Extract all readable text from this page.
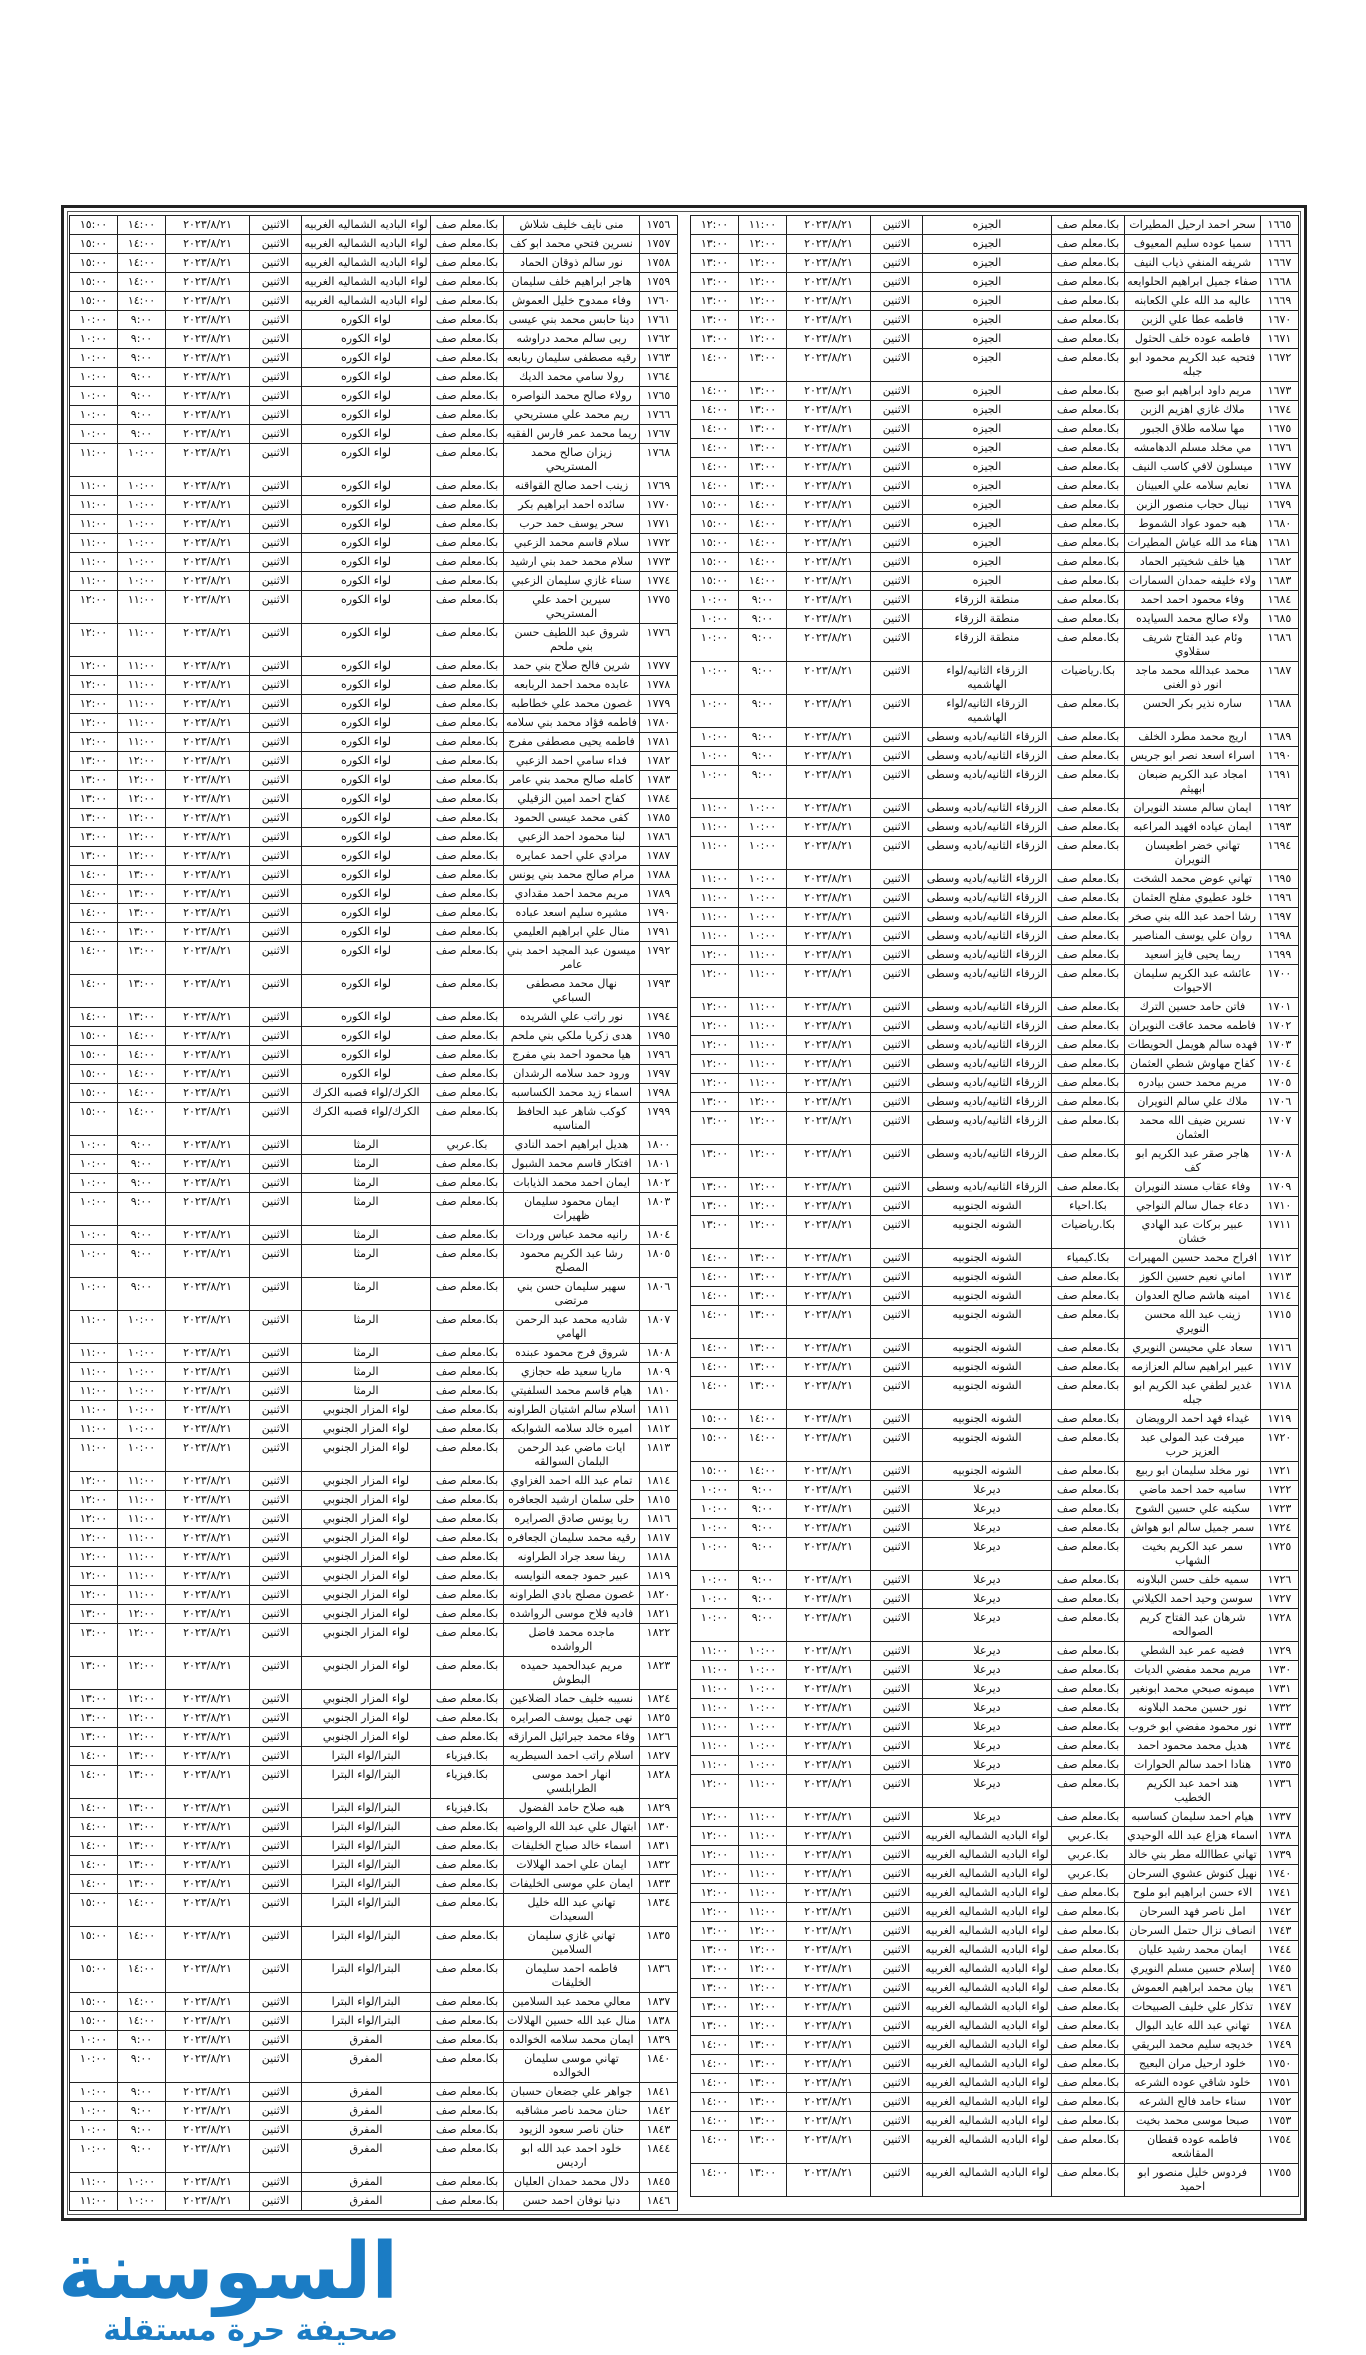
١٦٦٥	سحر احمد ارحيل المطيرات	بكا.معلم صف	الجيزه	الاثنين	٢٠٢٣/٨/٢١	١١:٠٠	١٢:٠٠
١٦٦٦	سميا عوده سليم المعيوف	بكا.معلم صف	الجيزه	الاثنين	٢٠٢٣/٨/٢١	١٢:٠٠	١٣:٠٠
١٦٦٧	شريفه المنفي ذياب النيف	بكا.معلم صف	الجيزه	الاثنين	٢٠٢٣/٨/٢١	١٢:٠٠	١٣:٠٠
١٦٦٨	صفاء جميل ابراهيم الحلوايعه	بكا.معلم صف	الجيزه	الاثنين	٢٠٢٣/٨/٢١	١٢:٠٠	١٣:٠٠
١٦٦٩	عاليه مد الله علي الكعابنه	بكا.معلم صف	الجيزه	الاثنين	٢٠٢٣/٨/٢١	١٢:٠٠	١٣:٠٠
١٦٧٠	فاطمه عطا علي الزبن	بكا.معلم صف	الجيزه	الاثنين	٢٠٢٣/٨/٢١	١٢:٠٠	١٣:٠٠
١٦٧١	فاطمه عوده خلف الحثول	بكا.معلم صف	الجيزه	الاثنين	٢٠٢٣/٨/٢١	١٢:٠٠	١٣:٠٠
١٦٧٢	فتحيه عبد الكريم محمود ابو جبله	بكا.معلم صف	الجيزه	الاثنين	٢٠٢٣/٨/٢١	١٣:٠٠	١٤:٠٠
١٦٧٣	مريم داود ابراهيم ابو صبح	بكا.معلم صف	الجيزه	الاثنين	٢٠٢٣/٨/٢١	١٣:٠٠	١٤:٠٠
١٦٧٤	ملاك غازي اهزيم الزبن	بكا.معلم صف	الجيزه	الاثنين	٢٠٢٣/٨/٢١	١٣:٠٠	١٤:٠٠
١٦٧٥	مها سلامه طلاق الجبور	بكا.معلم صف	الجيزه	الاثنين	٢٠٢٣/٨/٢١	١٣:٠٠	١٤:٠٠
١٦٧٦	مي مخلد مسلم الدهامشه	بكا.معلم صف	الجيزه	الاثنين	٢٠٢٣/٨/٢١	١٣:٠٠	١٤:٠٠
١٦٧٧	ميسلون لافي كاسب النيف	بكا.معلم صف	الجيزه	الاثنين	٢٠٢٣/٨/٢١	١٣:٠٠	١٤:٠٠
١٦٧٨	نعايم سلامه علي العبينان	بكا.معلم صف	الجيزه	الاثنين	٢٠٢٣/٨/٢١	١٣:٠٠	١٤:٠٠
١٦٧٩	نيبال حجاب منصور الزبن	بكا.معلم صف	الجيزه	الاثنين	٢٠٢٣/٨/٢١	١٤:٠٠	١٥:٠٠
١٦٨٠	هبه حمود عواد الشموط	بكا.معلم صف	الجيزه	الاثنين	٢٠٢٣/٨/٢١	١٤:٠٠	١٥:٠٠
١٦٨١	هناء مد الله عياش المطيرات	بكا.معلم صف	الجيزه	الاثنين	٢٠٢٣/٨/٢١	١٤:٠٠	١٥:٠٠
١٦٨٢	هيا خلف شخيتير الحماد	بكا.معلم صف	الجيزه	الاثنين	٢٠٢٣/٨/٢١	١٤:٠٠	١٥:٠٠
١٦٨٣	ولاء خليفه حمدان السمارات	بكا.معلم صف	الجيزه	الاثنين	٢٠٢٣/٨/٢١	١٤:٠٠	١٥:٠٠
١٦٨٤	وفاء محمود احمد احمد	بكا.معلم صف	منطقة الزرقاء	الاثنين	٢٠٢٣/٨/٢١	٩:٠٠	١٠:٠٠
١٦٨٥	ولاء صالح محمد السيايده	بكا.معلم صف	منطقة الزرقاء	الاثنين	٢٠٢٣/٨/٢١	٩:٠٠	١٠:٠٠
١٦٨٦	وئام عبد الفتاح شريف سقلاوي	بكا.معلم صف	منطقة الزرقاء	الاثنين	٢٠٢٣/٨/٢١	٩:٠٠	١٠:٠٠
١٦٨٧	محمد عبدالله محمد ماجد انور ذو الغنى	بكا.رياضيات	الزرقاء الثانيه/لواء الهاشميه	الاثنين	٢٠٢٣/٨/٢١	٩:٠٠	١٠:٠٠
١٦٨٨	ساره نذير بكر الحسن	بكا.معلم صف	الزرقاء الثانيه/لواء الهاشميه	الاثنين	٢٠٢٣/٨/٢١	٩:٠٠	١٠:٠٠
١٦٨٩	اريج محمد مطرد الخلف	بكا.معلم صف	الزرقاء الثانيه/باديه وسطى	الاثنين	٢٠٢٣/٨/٢١	٩:٠٠	١٠:٠٠
١٦٩٠	اسراء اسعد نصر ابو جريس	بكا.معلم صف	الزرقاء الثانيه/باديه وسطى	الاثنين	٢٠٢٣/٨/٢١	٩:٠٠	١٠:٠٠
١٦٩١	امجاد عبد الكريم ضبعان ابهيثم	بكا.معلم صف	الزرقاء الثانيه/باديه وسطى	الاثنين	٢٠٢٣/٨/٢١	٩:٠٠	١٠:٠٠
١٦٩٢	ايمان سالم مسند النويران	بكا.معلم صف	الزرقاء الثانيه/باديه وسطى	الاثنين	٢٠٢٣/٨/٢١	١٠:٠٠	١١:٠٠
١٦٩٣	ايمان عياده افهيد المراعبه	بكا.معلم صف	الزرقاء الثانيه/باديه وسطى	الاثنين	٢٠٢٣/٨/٢١	١٠:٠٠	١١:٠٠
١٦٩٤	تهاني خضر اطعيسان النويران	بكا.معلم صف	الزرقاء الثانيه/باديه وسطى	الاثنين	٢٠٢٣/٨/٢١	١٠:٠٠	١١:٠٠
١٦٩٥	تهاني عوض محمد الشخت	بكا.معلم صف	الزرقاء الثانيه/باديه وسطى	الاثنين	٢٠٢٣/٨/٢١	١٠:٠٠	١١:٠٠
١٦٩٦	خلود عطيوي مفلح العثمان	بكا.معلم صف	الزرقاء الثانيه/باديه وسطى	الاثنين	٢٠٢٣/٨/٢١	١٠:٠٠	١١:٠٠
١٦٩٧	رشا احمد عبد الله بني صخر	بكا.معلم صف	الزرقاء الثانيه/باديه وسطى	الاثنين	٢٠٢٣/٨/٢١	١٠:٠٠	١١:٠٠
١٦٩٨	روان علي يوسف المناصير	بكا.معلم صف	الزرقاء الثانيه/باديه وسطى	الاثنين	٢٠٢٣/٨/٢١	١٠:٠٠	١١:٠٠
١٦٩٩	ريما يحيى فايز اسعيد	بكا.معلم صف	الزرقاء الثانيه/باديه وسطى	الاثنين	٢٠٢٣/٨/٢١	١١:٠٠	١٢:٠٠
١٧٠٠	عائشه عبد الكريم سليمان الاحيوات	بكا.معلم صف	الزرقاء الثانيه/باديه وسطى	الاثنين	٢٠٢٣/٨/٢١	١١:٠٠	١٢:٠٠
١٧٠١	فاتن حامد حسين الترك	بكا.معلم صف	الزرقاء الثانيه/باديه وسطى	الاثنين	٢٠٢٣/٨/٢١	١١:٠٠	١٢:٠٠
١٧٠٢	فاطمه محمد عاقت النويران	بكا.معلم صف	الزرقاء الثانيه/باديه وسطى	الاثنين	٢٠٢٣/٨/٢١	١١:٠٠	١٢:٠٠
١٧٠٣	فهده سالم هويمل الحويطات	بكا.معلم صف	الزرقاء الثانيه/باديه وسطى	الاثنين	٢٠٢٣/٨/٢١	١١:٠٠	١٢:٠٠
١٧٠٤	كفاح مهاوش شطي العثمان	بكا.معلم صف	الزرقاء الثانيه/باديه وسطى	الاثنين	٢٠٢٣/٨/٢١	١١:٠٠	١٢:٠٠
١٧٠٥	مريم محمد حسن بيادره	بكا.معلم صف	الزرقاء الثانيه/باديه وسطى	الاثنين	٢٠٢٣/٨/٢١	١١:٠٠	١٢:٠٠
١٧٠٦	ملاك علي سالم النويران	بكا.معلم صف	الزرقاء الثانيه/باديه وسطى	الاثنين	٢٠٢٣/٨/٢١	١٢:٠٠	١٣:٠٠
١٧٠٧	نسرين ضيف الله محمد العثمان	بكا.معلم صف	الزرقاء الثانيه/باديه وسطى	الاثنين	٢٠٢٣/٨/٢١	١٢:٠٠	١٣:٠٠
١٧٠٨	هاجر صقر عبد الكريم ابو كف	بكا.معلم صف	الزرقاء الثانيه/باديه وسطى	الاثنين	٢٠٢٣/٨/٢١	١٢:٠٠	١٣:٠٠
١٧٠٩	وفاء عقاب مسند النويران	بكا.معلم صف	الزرقاء الثانيه/باديه وسطى	الاثنين	٢٠٢٣/٨/٢١	١٢:٠٠	١٣:٠٠
١٧١٠	دعاء جمال سالم النواجي	بكا.احياء	الشونه الجنوبيه	الاثنين	٢٠٢٣/٨/٢١	١٢:٠٠	١٣:٠٠
١٧١١	عبير بركات عبد الهادي خشان	بكا.رياضيات	الشونه الجنوبيه	الاثنين	٢٠٢٣/٨/٢١	١٢:٠٠	١٣:٠٠
١٧١٢	افراح محمد حسين المهيرات	بكا.كيمياء	الشونه الجنوبيه	الاثنين	٢٠٢٣/٨/٢١	١٣:٠٠	١٤:٠٠
١٧١٣	اماني نعيم حسين الكوز	بكا.معلم صف	الشونه الجنوبيه	الاثنين	٢٠٢٣/٨/٢١	١٣:٠٠	١٤:٠٠
١٧١٤	امينه هاشم صالح العدوان	بكا.معلم صف	الشونه الجنوبيه	الاثنين	٢٠٢٣/٨/٢١	١٣:٠٠	١٤:٠٠
١٧١٥	زينب عبد الله محسن النويري	بكا.معلم صف	الشونه الجنوبيه	الاثنين	٢٠٢٣/٨/٢١	١٣:٠٠	١٤:٠٠
١٧١٦	سعاد علي محيسن النويري	بكا.معلم صف	الشونه الجنوبيه	الاثنين	٢٠٢٣/٨/٢١	١٣:٠٠	١٤:٠٠
١٧١٧	عبير ابراهيم سالم العزازمه	بكا.معلم صف	الشونه الجنوبيه	الاثنين	٢٠٢٣/٨/٢١	١٣:٠٠	١٤:٠٠
١٧١٨	غدير لطفي عبد الكريم ابو جبله	بكا.معلم صف	الشونه الجنوبيه	الاثنين	٢٠٢٣/٨/٢١	١٣:٠٠	١٤:٠٠
١٧١٩	غيداء فهد احمد الرويضان	بكا.معلم صف	الشونه الجنوبيه	الاثنين	٢٠٢٣/٨/٢١	١٤:٠٠	١٥:٠٠
١٧٢٠	ميرفت عبد المولى عبد العزيز حرب	بكا.معلم صف	الشونه الجنوبيه	الاثنين	٢٠٢٣/٨/٢١	١٤:٠٠	١٥:٠٠
١٧٢١	نور مخلد سليمان ابو ربيع	بكا.معلم صف	الشونه الجنوبيه	الاثنين	٢٠٢٣/٨/٢١	١٤:٠٠	١٥:٠٠
١٧٢٢	ساميه حمد احمد ماضي	بكا.معلم صف	ديرعلا	الاثنين	٢٠٢٣/٨/٢١	٩:٠٠	١٠:٠٠
١٧٢٣	سكينه علي حسين الشوح	بكا.معلم صف	ديرعلا	الاثنين	٢٠٢٣/٨/٢١	٩:٠٠	١٠:٠٠
١٧٢٤	سمر جميل سالم ابو هواش	بكا.معلم صف	ديرعلا	الاثنين	٢٠٢٣/٨/٢١	٩:٠٠	١٠:٠٠
١٧٢٥	سمر عبد الكريم بخيت الشهاب	بكا.معلم صف	ديرعلا	الاثنين	٢٠٢٣/٨/٢١	٩:٠٠	١٠:٠٠
١٧٢٦	سميه خلف حسن البلاونه	بكا.معلم صف	ديرعلا	الاثنين	٢٠٢٣/٨/٢١	٩:٠٠	١٠:٠٠
١٧٢٧	سوسن وحيد احمد الكيلاني	بكا.معلم صف	ديرعلا	الاثنين	٢٠٢٣/٨/٢١	٩:٠٠	١٠:٠٠
١٧٢٨	شرهان عبد الفتاح كريم الصوالحه	بكا.معلم صف	ديرعلا	الاثنين	٢٠٢٣/٨/٢١	٩:٠٠	١٠:٠٠
١٧٢٩	فضيه عمر عبد الشطي	بكا.معلم صف	ديرعلا	الاثنين	٢٠٢٣/٨/٢١	١٠:٠٠	١١:٠٠
١٧٣٠	مريم محمد مفضي الديات	بكا.معلم صف	ديرعلا	الاثنين	٢٠٢٣/٨/٢١	١٠:٠٠	١١:٠٠
١٧٣١	ميمونه صبحي محمد ابونغير	بكا.معلم صف	ديرعلا	الاثنين	٢٠٢٣/٨/٢١	١٠:٠٠	١١:٠٠
١٧٣٢	نور حسين محمد البلاونه	بكا.معلم صف	ديرعلا	الاثنين	٢٠٢٣/٨/٢١	١٠:٠٠	١١:٠٠
١٧٣٣	نور محمود مفضي ابو خروب	بكا.معلم صف	ديرعلا	الاثنين	٢٠٢٣/٨/٢١	١٠:٠٠	١١:٠٠
١٧٣٤	هديل محمد محمود احمد	بكا.معلم صف	ديرعلا	الاثنين	٢٠٢٣/٨/٢١	١٠:٠٠	١١:٠٠
١٧٣٥	هنادا احمد سالم الحوارات	بكا.معلم صف	ديرعلا	الاثنين	٢٠٢٣/٨/٢١	١٠:٠٠	١١:٠٠
١٧٣٦	هند احمد عبد الكريم الخطيب	بكا.معلم صف	ديرعلا	الاثنين	٢٠٢٣/٨/٢١	١١:٠٠	١٢:٠٠
١٧٣٧	هيام احمد سليمان كساسبه	بكا.معلم صف	ديرعلا	الاثنين	٢٠٢٣/٨/٢١	١١:٠٠	١٢:٠٠
١٧٣٨	اسماء هزاع عبد الله الوحيدي	بكا.عربي	لواء الباديه الشماليه الغربيه	الاثنين	٢٠٢٣/٨/٢١	١١:٠٠	١٢:٠٠
١٧٣٩	تهاني عطاالله مطر بني خالد	بكا.عربي	لواء الباديه الشماليه الغربيه	الاثنين	٢٠٢٣/٨/٢١	١١:٠٠	١٢:٠٠
١٧٤٠	نهيل كنوش عشوي السرحان	بكا.عربي	لواء الباديه الشماليه الغربيه	الاثنين	٢٠٢٣/٨/٢١	١١:٠٠	١٢:٠٠
١٧٤١	الاء حسن ابراهيم ابو ملوح	بكا.معلم صف	لواء الباديه الشماليه الغربيه	الاثنين	٢٠٢٣/٨/٢١	١١:٠٠	١٢:٠٠
١٧٤٢	امل ناصر فهد السرحان	بكا.معلم صف	لواء الباديه الشماليه الغربيه	الاثنين	٢٠٢٣/٨/٢١	١١:٠٠	١٢:٠٠
١٧٤٣	انصاف نزال حتمل السرحان	بكا.معلم صف	لواء الباديه الشماليه الغربيه	الاثنين	٢٠٢٣/٨/٢١	١٢:٠٠	١٣:٠٠
١٧٤٤	ايمان محمد رشيد عليان	بكا.معلم صف	لواء الباديه الشماليه الغربيه	الاثنين	٢٠٢٣/٨/٢١	١٢:٠٠	١٣:٠٠
١٧٤٥	إسلام حسين مسلم النويري	بكا.معلم صف	لواء الباديه الشماليه الغربيه	الاثنين	٢٠٢٣/٨/٢١	١٢:٠٠	١٣:٠٠
١٧٤٦	بيان محمد ابراهيم العموش	بكا.معلم صف	لواء الباديه الشماليه الغربيه	الاثنين	٢٠٢٣/٨/٢١	١٢:٠٠	١٣:٠٠
١٧٤٧	تذكار علي خليف الصبيحات	بكا.معلم صف	لواء الباديه الشماليه الغربيه	الاثنين	٢٠٢٣/٨/٢١	١٢:٠٠	١٣:٠٠
١٧٤٨	تهاني عبد الله عايد البوال	بكا.معلم صف	لواء الباديه الشماليه الغربيه	الاثنين	٢٠٢٣/٨/٢١	١٢:٠٠	١٣:٠٠
١٧٤٩	خديجه سليم محمد البريقي	بكا.معلم صف	لواء الباديه الشماليه الغربيه	الاثنين	٢٠٢٣/٨/٢١	١٣:٠٠	١٤:٠٠
١٧٥٠	خلود ارحيل مران البعيج	بكا.معلم صف	لواء الباديه الشماليه الغربيه	الاثنين	٢٠٢٣/٨/٢١	١٣:٠٠	١٤:٠٠
١٧٥١	خلود شاقي عوده الشرعه	بكا.معلم صف	لواء الباديه الشماليه الغربيه	الاثنين	٢٠٢٣/٨/٢١	١٣:٠٠	١٤:٠٠
١٧٥٢	سناء حامد فالح الشرعه	بكا.معلم صف	لواء الباديه الشماليه الغربيه	الاثنين	٢٠٢٣/٨/٢١	١٣:٠٠	١٤:٠٠
١٧٥٣	صبحا موسى محمد بخيت	بكا.معلم صف	لواء الباديه الشماليه الغربيه	الاثنين	٢٠٢٣/٨/٢١	١٣:٠٠	١٤:٠٠
١٧٥٤	فاطمه عوده قفطان المقاشعه	بكا.معلم صف	لواء الباديه الشماليه الغربيه	الاثنين	٢٠٢٣/٨/٢١	١٣:٠٠	١٤:٠٠
١٧٥٥	فردوس خليل منصور ابو احميد	بكا.معلم صف	لواء الباديه الشماليه الغربيه	الاثنين	٢٠٢٣/٨/٢١	١٣:٠٠	١٤:٠٠
١٧٥٦	منى نايف خليف شلاش	بكا.معلم صف	لواء الباديه الشماليه الغربيه	الاثنين	٢٠٢٣/٨/٢١	١٤:٠٠	١٥:٠٠
١٧٥٧	نسرين فتحي محمد ابو كف	بكا.معلم صف	لواء الباديه الشماليه الغربيه	الاثنين	٢٠٢٣/٨/٢١	١٤:٠٠	١٥:٠٠
١٧٥٨	نور سالم ذوقان الحماد	بكا.معلم صف	لواء الباديه الشماليه الغربيه	الاثنين	٢٠٢٣/٨/٢١	١٤:٠٠	١٥:٠٠
١٧٥٩	هاجر ابراهيم خلف سليمان	بكا.معلم صف	لواء الباديه الشماليه الغربيه	الاثنين	٢٠٢٣/٨/٢١	١٤:٠٠	١٥:٠٠
١٧٦٠	وفاء ممدوح خليل العموش	بكا.معلم صف	لواء الباديه الشماليه الغربيه	الاثنين	٢٠٢٣/٨/٢١	١٤:٠٠	١٥:٠٠
١٧٦١	دينا حابس محمد بني عيسى	بكا.معلم صف	لواء الكوره	الاثنين	٢٠٢٣/٨/٢١	٩:٠٠	١٠:٠٠
١٧٦٢	ربى سالم محمد دراوشه	بكا.معلم صف	لواء الكوره	الاثنين	٢٠٢٣/٨/٢١	٩:٠٠	١٠:٠٠
١٧٦٣	رقيه مصطفى سليمان ربابعه	بكا.معلم صف	لواء الكوره	الاثنين	٢٠٢٣/٨/٢١	٩:٠٠	١٠:٠٠
١٧٦٤	رولا سامي محمد الديك	بكا.معلم صف	لواء الكوره	الاثنين	٢٠٢٣/٨/٢١	٩:٠٠	١٠:٠٠
١٧٦٥	رولاء صالح محمد النواصره	بكا.معلم صف	لواء الكوره	الاثنين	٢٠٢٣/٨/٢١	٩:٠٠	١٠:٠٠
١٧٦٦	ريم محمد علي مستريحي	بكا.معلم صف	لواء الكوره	الاثنين	٢٠٢٣/٨/٢١	٩:٠٠	١٠:٠٠
١٧٦٧	ريما محمد عمر فارس الفقيه	بكا.معلم صف	لواء الكوره	الاثنين	٢٠٢٣/٨/٢١	٩:٠٠	١٠:٠٠
١٧٦٨	زيزان صالح محمد المستريحي	بكا.معلم صف	لواء الكوره	الاثنين	٢٠٢٣/٨/٢١	١٠:٠٠	١١:٠٠
١٧٦٩	زينب احمد صالح القواقنه	بكا.معلم صف	لواء الكوره	الاثنين	٢٠٢٣/٨/٢١	١٠:٠٠	١١:٠٠
١٧٧٠	سائده احمد ابراهيم بكر	بكا.معلم صف	لواء الكوره	الاثنين	٢٠٢٣/٨/٢١	١٠:٠٠	١١:٠٠
١٧٧١	سحر يوسف حمد حرب	بكا.معلم صف	لواء الكوره	الاثنين	٢٠٢٣/٨/٢١	١٠:٠٠	١١:٠٠
١٧٧٢	سلام قاسم محمد الزعبي	بكا.معلم صف	لواء الكوره	الاثنين	٢٠٢٣/٨/٢١	١٠:٠٠	١١:٠٠
١٧٧٣	سلام محمد حمد بني ارشيد	بكا.معلم صف	لواء الكوره	الاثنين	٢٠٢٣/٨/٢١	١٠:٠٠	١١:٠٠
١٧٧٤	سناء غازي سليمان الزعبي	بكا.معلم صف	لواء الكوره	الاثنين	٢٠٢٣/٨/٢١	١٠:٠٠	١١:٠٠
١٧٧٥	سيرين احمد علي المستريحي	بكا.معلم صف	لواء الكوره	الاثنين	٢٠٢٣/٨/٢١	١١:٠٠	١٢:٠٠
١٧٧٦	شروق عبد اللطيف حسن بني ملحم	بكا.معلم صف	لواء الكوره	الاثنين	٢٠٢٣/٨/٢١	١١:٠٠	١٢:٠٠
١٧٧٧	شرين فالح صلاح بني حمد	بكا.معلم صف	لواء الكوره	الاثنين	٢٠٢٣/٨/٢١	١١:٠٠	١٢:٠٠
١٧٧٨	عابده محمد احمد الربابعه	بكا.معلم صف	لواء الكوره	الاثنين	٢٠٢٣/٨/٢١	١١:٠٠	١٢:٠٠
١٧٧٩	غصون محمد علي خطاطبه	بكا.معلم صف	لواء الكوره	الاثنين	٢٠٢٣/٨/٢١	١١:٠٠	١٢:٠٠
١٧٨٠	فاطمه فؤاد محمد بني سلامه	بكا.معلم صف	لواء الكوره	الاثنين	٢٠٢٣/٨/٢١	١١:٠٠	١٢:٠٠
١٧٨١	فاطمه يحيى مصطفى مفرج	بكا.معلم صف	لواء الكوره	الاثنين	٢٠٢٣/٨/٢١	١١:٠٠	١٢:٠٠
١٧٨٢	فداء سامي احمد الزعبي	بكا.معلم صف	لواء الكوره	الاثنين	٢٠٢٣/٨/٢١	١٢:٠٠	١٣:٠٠
١٧٨٣	كامله صالح محمد بني عامر	بكا.معلم صف	لواء الكوره	الاثنين	٢٠٢٣/٨/٢١	١٢:٠٠	١٣:٠٠
١٧٨٤	كفاح احمد امين الزقيلي	بكا.معلم صف	لواء الكوره	الاثنين	٢٠٢٣/٨/٢١	١٢:٠٠	١٣:٠٠
١٧٨٥	كفى محمد عيسى الحمود	بكا.معلم صف	لواء الكوره	الاثنين	٢٠٢٣/٨/٢١	١٢:٠٠	١٣:٠٠
١٧٨٦	لبنا محمود احمد الزعبي	بكا.معلم صف	لواء الكوره	الاثنين	٢٠٢٣/٨/٢١	١٢:٠٠	١٣:٠٠
١٧٨٧	مرادي علي احمد عمايره	بكا.معلم صف	لواء الكوره	الاثنين	٢٠٢٣/٨/٢١	١٢:٠٠	١٣:٠٠
١٧٨٨	مرام صالح محمد بني يونس	بكا.معلم صف	لواء الكوره	الاثنين	٢٠٢٣/٨/٢١	١٣:٠٠	١٤:٠٠
١٧٨٩	مريم محمد احمد مقدادي	بكا.معلم صف	لواء الكوره	الاثنين	٢٠٢٣/٨/٢١	١٣:٠٠	١٤:٠٠
١٧٩٠	مشيره سليم اسعد عباده	بكا.معلم صف	لواء الكوره	الاثنين	٢٠٢٣/٨/٢١	١٣:٠٠	١٤:٠٠
١٧٩١	منال علي ابراهيم العليمي	بكا.معلم صف	لواء الكوره	الاثنين	٢٠٢٣/٨/٢١	١٣:٠٠	١٤:٠٠
١٧٩٢	ميسون عبد المجيد احمد بني عامر	بكا.معلم صف	لواء الكوره	الاثنين	٢٠٢٣/٨/٢١	١٣:٠٠	١٤:٠٠
١٧٩٣	نهال محمد مصطفى السباعي	بكا.معلم صف	لواء الكوره	الاثنين	٢٠٢٣/٨/٢١	١٣:٠٠	١٤:٠٠
١٧٩٤	نور راتب علي الشريده	بكا.معلم صف	لواء الكوره	الاثنين	٢٠٢٣/٨/٢١	١٣:٠٠	١٤:٠٠
١٧٩٥	هدى زكريا ملكي بني ملحم	بكا.معلم صف	لواء الكوره	الاثنين	٢٠٢٣/٨/٢١	١٤:٠٠	١٥:٠٠
١٧٩٦	هيا محمود احمد بني مفرج	بكا.معلم صف	لواء الكوره	الاثنين	٢٠٢٣/٨/٢١	١٤:٠٠	١٥:٠٠
١٧٩٧	ورود حمد سلامه الرشدان	بكا.معلم صف	لواء الكوره	الاثنين	٢٠٢٣/٨/٢١	١٤:٠٠	١٥:٠٠
١٧٩٨	اسماء زيد محمد الكساسبه	بكا.معلم صف	الكرك/لواء قصبه الكرك	الاثنين	٢٠٢٣/٨/٢١	١٤:٠٠	١٥:٠٠
١٧٩٩	كوكب شاهر عبد الحافظ المناسيه	بكا.معلم صف	الكرك/لواء قصبه الكرك	الاثنين	٢٠٢٣/٨/٢١	١٤:٠٠	١٥:٠٠
١٨٠٠	هديل ابراهيم احمد النادي	بكا.عربي	الرمثا	الاثنين	٢٠٢٣/٨/٢١	٩:٠٠	١٠:٠٠
١٨٠١	افتكار قاسم محمد الشبول	بكا.معلم صف	الرمثا	الاثنين	٢٠٢٣/٨/٢١	٩:٠٠	١٠:٠٠
١٨٠٢	ايمان احمد محمد الذيابات	بكا.معلم صف	الرمثا	الاثنين	٢٠٢٣/٨/٢١	٩:٠٠	١٠:٠٠
١٨٠٣	ايمان محمود سليمان ظهيرات	بكا.معلم صف	الرمثا	الاثنين	٢٠٢٣/٨/٢١	٩:٠٠	١٠:٠٠
١٨٠٤	رانيه محمد عباس وردات	بكا.معلم صف	الرمثا	الاثنين	٢٠٢٣/٨/٢١	٩:٠٠	١٠:٠٠
١٨٠٥	رشا عبد الكريم محمود المصلح	بكا.معلم صف	الرمثا	الاثنين	٢٠٢٣/٨/٢١	٩:٠٠	١٠:٠٠
١٨٠٦	سهير سليمان حسن بني مرتضى	بكا.معلم صف	الرمثا	الاثنين	٢٠٢٣/٨/٢١	٩:٠٠	١٠:٠٠
١٨٠٧	شاديه محمد عبد الرحمن الهامي	بكا.معلم صف	الرمثا	الاثنين	٢٠٢٣/٨/٢١	١٠:٠٠	١١:٠٠
١٨٠٨	شروق فرج محمود عبنده	بكا.معلم صف	الرمثا	الاثنين	٢٠٢٣/٨/٢١	١٠:٠٠	١١:٠٠
١٨٠٩	ماريا سعيد طه حجازي	بكا.معلم صف	الرمثا	الاثنين	٢٠٢٣/٨/٢١	١٠:٠٠	١١:٠٠
١٨١٠	هيام قاسم محمد السلفيتي	بكا.معلم صف	الرمثا	الاثنين	٢٠٢٣/٨/٢١	١٠:٠٠	١١:٠٠
١٨١١	اسلام سالم اشتيان الطراونه	بكا.معلم صف	لواء المزار الجنوبي	الاثنين	٢٠٢٣/٨/٢١	١٠:٠٠	١١:٠٠
١٨١٢	اميره خالد سلامه الشوابكه	بكا.معلم صف	لواء المزار الجنوبي	الاثنين	٢٠٢٣/٨/٢١	١٠:٠٠	١١:٠٠
١٨١٣	ايات ماضي عبد الرحمن البلمان السوالقه	بكا.معلم صف	لواء المزار الجنوبي	الاثنين	٢٠٢٣/٨/٢١	١٠:٠٠	١١:٠٠
١٨١٤	تمام عبد الله احمد الغزاوي	بكا.معلم صف	لواء المزار الجنوبي	الاثنين	٢٠٢٣/٨/٢١	١١:٠٠	١٢:٠٠
١٨١٥	حلى سلمان ارشيد الجعافره	بكا.معلم صف	لواء المزار الجنوبي	الاثنين	٢٠٢٣/٨/٢١	١١:٠٠	١٢:٠٠
١٨١٦	ربا يونس صادق الصرايره	بكا.معلم صف	لواء المزار الجنوبي	الاثنين	٢٠٢٣/٨/٢١	١١:٠٠	١٢:٠٠
١٨١٧	رقيه محمد سليمان الجعافره	بكا.معلم صف	لواء المزار الجنوبي	الاثنين	٢٠٢٣/٨/٢١	١١:٠٠	١٢:٠٠
١٨١٨	ريفا سعد جراد الطراونه	بكا.معلم صف	لواء المزار الجنوبي	الاثنين	٢٠٢٣/٨/٢١	١١:٠٠	١٢:٠٠
١٨١٩	عبير حمود جمعه النوايسه	بكا.معلم صف	لواء المزار الجنوبي	الاثنين	٢٠٢٣/٨/٢١	١١:٠٠	١٢:٠٠
١٨٢٠	غصون مصلح بادي الطراونه	بكا.معلم صف	لواء المزار الجنوبي	الاثنين	٢٠٢٣/٨/٢١	١١:٠٠	١٢:٠٠
١٨٢١	فاديه فلاح موسى الرواشده	بكا.معلم صف	لواء المزار الجنوبي	الاثنين	٢٠٢٣/٨/٢١	١٢:٠٠	١٣:٠٠
١٨٢٢	ماجده محمد فاضل الرواشده	بكا.معلم صف	لواء المزار الجنوبي	الاثنين	٢٠٢٣/٨/٢١	١٢:٠٠	١٣:٠٠
١٨٢٣	مريم عبدالحميد حميده البطوش	بكا.معلم صف	لواء المزار الجنوبي	الاثنين	٢٠٢٣/٨/٢١	١٢:٠٠	١٣:٠٠
١٨٢٤	نسيبه خليف حماد الضلاعين	بكا.معلم صف	لواء المزار الجنوبي	الاثنين	٢٠٢٣/٨/٢١	١٢:٠٠	١٣:٠٠
١٨٢٥	نهى جميل يوسف الصرايره	بكا.معلم صف	لواء المزار الجنوبي	الاثنين	٢٠٢٣/٨/٢١	١٢:٠٠	١٣:٠٠
١٨٢٦	وفاء محمد جبرائيل المرازقه	بكا.معلم صف	لواء المزار الجنوبي	الاثنين	٢٠٢٣/٨/٢١	١٢:٠٠	١٣:٠٠
١٨٢٧	اسلام راتب احمد السيطريه	بكا.فيزياء	البترا/لواء البترا	الاثنين	٢٠٢٣/٨/٢١	١٣:٠٠	١٤:٠٠
١٨٢٨	انهار احمد موسى الطرابلسي	بكا.فيزياء	البترا/لواء البترا	الاثنين	٢٠٢٣/٨/٢١	١٣:٠٠	١٤:٠٠
١٨٢٩	هبه صلاح حامد الفضول	بكا.فيزياء	البترا/لواء البترا	الاثنين	٢٠٢٣/٨/٢١	١٣:٠٠	١٤:٠٠
١٨٣٠	ابتهال علي عبد الله الرواضيه	بكا.معلم صف	البترا/لواء البترا	الاثنين	٢٠٢٣/٨/٢١	١٣:٠٠	١٤:٠٠
١٨٣١	اسماء خالد صباح الخليفات	بكا.معلم صف	البترا/لواء البترا	الاثنين	٢٠٢٣/٨/٢١	١٣:٠٠	١٤:٠٠
١٨٣٢	ايمان علي احمد الهلالات	بكا.معلم صف	البترا/لواء البترا	الاثنين	٢٠٢٣/٨/٢١	١٣:٠٠	١٤:٠٠
١٨٣٣	ايمان علي موسى الخليفات	بكا.معلم صف	البترا/لواء البترا	الاثنين	٢٠٢٣/٨/٢١	١٣:٠٠	١٤:٠٠
١٨٣٤	تهاني عبد الله خليل السعيدات	بكا.معلم صف	البترا/لواء البترا	الاثنين	٢٠٢٣/٨/٢١	١٤:٠٠	١٥:٠٠
١٨٣٥	تهاني غازي سليمان السلامين	بكا.معلم صف	البترا/لواء البترا	الاثنين	٢٠٢٣/٨/٢١	١٤:٠٠	١٥:٠٠
١٨٣٦	فاطمه احمد سليمان الخليفات	بكا.معلم صف	البترا/لواء البترا	الاثنين	٢٠٢٣/٨/٢١	١٤:٠٠	١٥:٠٠
١٨٣٧	معالي محمد عبد السلامين	بكا.معلم صف	البترا/لواء البترا	الاثنين	٢٠٢٣/٨/٢١	١٤:٠٠	١٥:٠٠
١٨٣٨	منال عبد الله حسين الهلالات	بكا.معلم صف	البترا/لواء البترا	الاثنين	٢٠٢٣/٨/٢١	١٤:٠٠	١٥:٠٠
١٨٣٩	ايمان محمد سلامه الخوالده	بكا.معلم صف	المفرق	الاثنين	٢٠٢٣/٨/٢١	٩:٠٠	١٠:٠٠
١٨٤٠	تهاني موسى سليمان الخوالده	بكا.معلم صف	المفرق	الاثنين	٢٠٢٣/٨/٢١	٩:٠٠	١٠:٠٠
١٨٤١	جواهر علي جضعان حسبان	بكا.معلم صف	المفرق	الاثنين	٢٠٢٣/٨/٢١	٩:٠٠	١٠:٠٠
١٨٤٢	حنان محمد ناصر مشاقبه	بكا.معلم صف	المفرق	الاثنين	٢٠٢٣/٨/٢١	٩:٠٠	١٠:٠٠
١٨٤٣	حنان ناصر سعود الزيود	بكا.معلم صف	المفرق	الاثنين	٢٠٢٣/٨/٢١	٩:٠٠	١٠:٠٠
١٨٤٤	خلود احمد عبد الله ابو ارديس	بكا.معلم صف	المفرق	الاثنين	٢٠٢٣/٨/٢١	٩:٠٠	١٠:٠٠
١٨٤٥	دلال محمد حمدان العليان	بكا.معلم صف	المفرق	الاثنين	٢٠٢٣/٨/٢١	١٠:٠٠	١١:٠٠
١٨٤٦	دنيا نوفان احمد حسن	بكا.معلم صف	المفرق	الاثنين	٢٠٢٣/٨/٢١	١٠:٠٠	١١:٠٠
السوسنة
صحيفة حرة مستقلة
